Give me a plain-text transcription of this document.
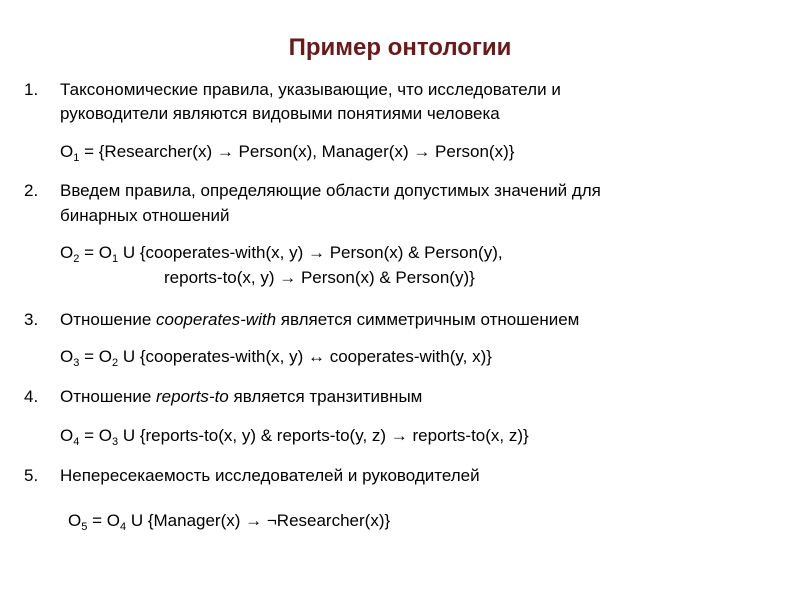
Пример онтологии
1. Таксономические правила, указывающие, что исследователи и
руководители являются видовыми понятиями человека
$O_1$ = {Researcher(x) → Person(x), Manager(x) → Person(x)}
2. Введем правила, определяющие области допустимых значений для
бинарных отношений
$O_2 = O_1$ U {cooperates-with(x, y) → Person(x) & Person(y),
reports-to(x, y) → Person(x) & Person(y)}
3. Отношение cooperates-with является симметричным отношением
$O_3 = O_2$ U {cooperates-with(x, y) ↔ cooperates-with(y, x)}
4. Отношение reports-to является транзитивным
$O_4 = O_3$ U {reports-to(x, y) & reports-to(y, z) → reports-to(x, z)}
5. Непересекаемость исследователей и руководителей
$O_5 = O_4$ U {Manager(x) → ¬Researcher(x)}
